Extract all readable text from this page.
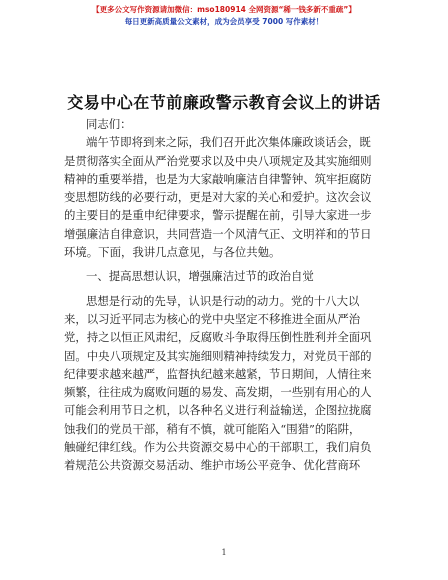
【更多公文写作资源请加微信：mso180914 全网资源“稀一钱多新不重疏”】
每日更新高质量公文素材，成为会员享受 7000 写作素材！
交易中心在节前廉政警示教育会议上的讲话
同志们：
端午节即将到来之际，我们召开此次集体廉政谈话会，既
是贯彻落实全面从严治党要求以及中央八项规定及其实施细则
精神的重要举措，也是为大家敲响廉洁自律警钟、筑牢拒腐防
变思想防线的必要行动，更是对大家的关心和爱护。这次会议
的主要目的是重申纪律要求，警示提醒在前，引导大家进一步
增强廉洁自律意识，共同营造一个风清气正、文明祥和的节日
环境。下面，我讲几点意见，与各位共勉。
一、提高思想认识，增强廉洁过节的政治自觉
思想是行动的先导，认识是行动的动力。党的十八大以
来，以习近平同志为核心的党中央坚定不移推进全面从严治
党，持之以恒正风肃纪，反腐败斗争取得压倒性胜利并全面巩
固。中央八项规定及其实施细则精神持续发力，对党员干部的
纪律要求越来越严，监督执纪越来越紧，节日期间，人情往来
频繁，往往成为腐败问题的易发、高发期，一些别有用心的人
可能会利用节日之机，以各种名义进行利益输送，企图拉拢腐
蚀我们的党员干部，稍有不慎，就可能陷入“围猎”的陷阱，
触碰纪律红线。作为公共资源交易中心的干部职工，我们肩负
着规范公共资源交易活动、维护市场公平竞争、优化营商环
1
